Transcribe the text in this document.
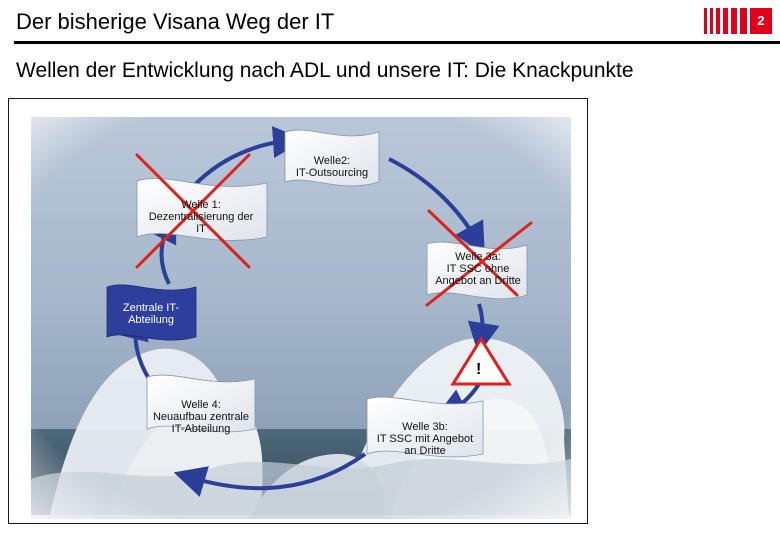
Der bisherige Visana Weg der IT	2
Wellen der Entwicklung nach ADL und unsere IT: Die Knackpunkte
Welle2:
IT-Outsourcing
Welle 1:
Dezentralisierung der
IT
Welle 3a:
IT SSC ohne
Angebot an Dritte
Zentrale IT-
Abteilung
Welle 4:
Neuaufbau zentrale
IT-Abteilung	Welle 3b:
IT SSC mit Angebot
an Dritte
!
